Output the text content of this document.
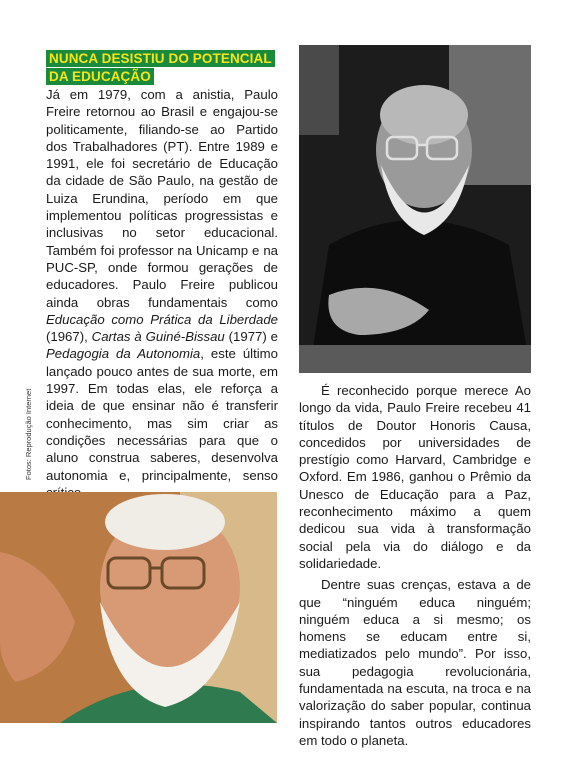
NUNCA DESISTIU DO POTENCIAL
DA EDUCAÇÃO

Já em 1979, com a anistia, Paulo Freire retornou ao Brasil e engajou-se politicamente, filiando-se ao Partido dos Trabalhadores (PT). Entre 1989 e 1991, ele foi secretário de Educação da cidade de São Paulo, na gestão de Luiza Erundina, período em que implementou políticas progressistas e inclusivas no setor educacional. Também foi professor na Unicamp e na PUC-SP, onde formou gerações de educadores. Paulo Freire publicou ainda obras fundamentais como Educação como Prática da Liberdade (1967), Cartas à Guiné-Bissau (1977) e Pedagogia da Autonomia, este último lançado pouco antes de sua morte, em 1997. Em todas elas, ele reforça a ideia de que ensinar não é transferir conhecimento, mas sim criar as condições necessárias para que o aluno construa saberes, desenvolva autonomia e, principalmente, senso

Fotos: Reprodução Internet	É reconhecido porque merece Ao longo da vida, Paulo Freire recebeu 41 títulos de Doutor Honoris Causa, concedidos por universidades de prestígio como Harvard, Cambridge e Oxford. Em 1986, ganhou o Prêmio da Unesco de Educação para a Paz, reconhecimento máximo a quem dedicou sua vida à transformação social pela via do diálogo e da solidariedade.

Dentre suas crenças, estava a de que “ninguém educa ninguém; ninguém educa a si mesmo; os homens se educam entre si, mediatizados pelo mundo”. Por isso, sua pedagogia revolucionária, fundamentada na escuta, na troca e na valorização do saber popular, continua inspirando tantos outros educadores em todo o planeta.
